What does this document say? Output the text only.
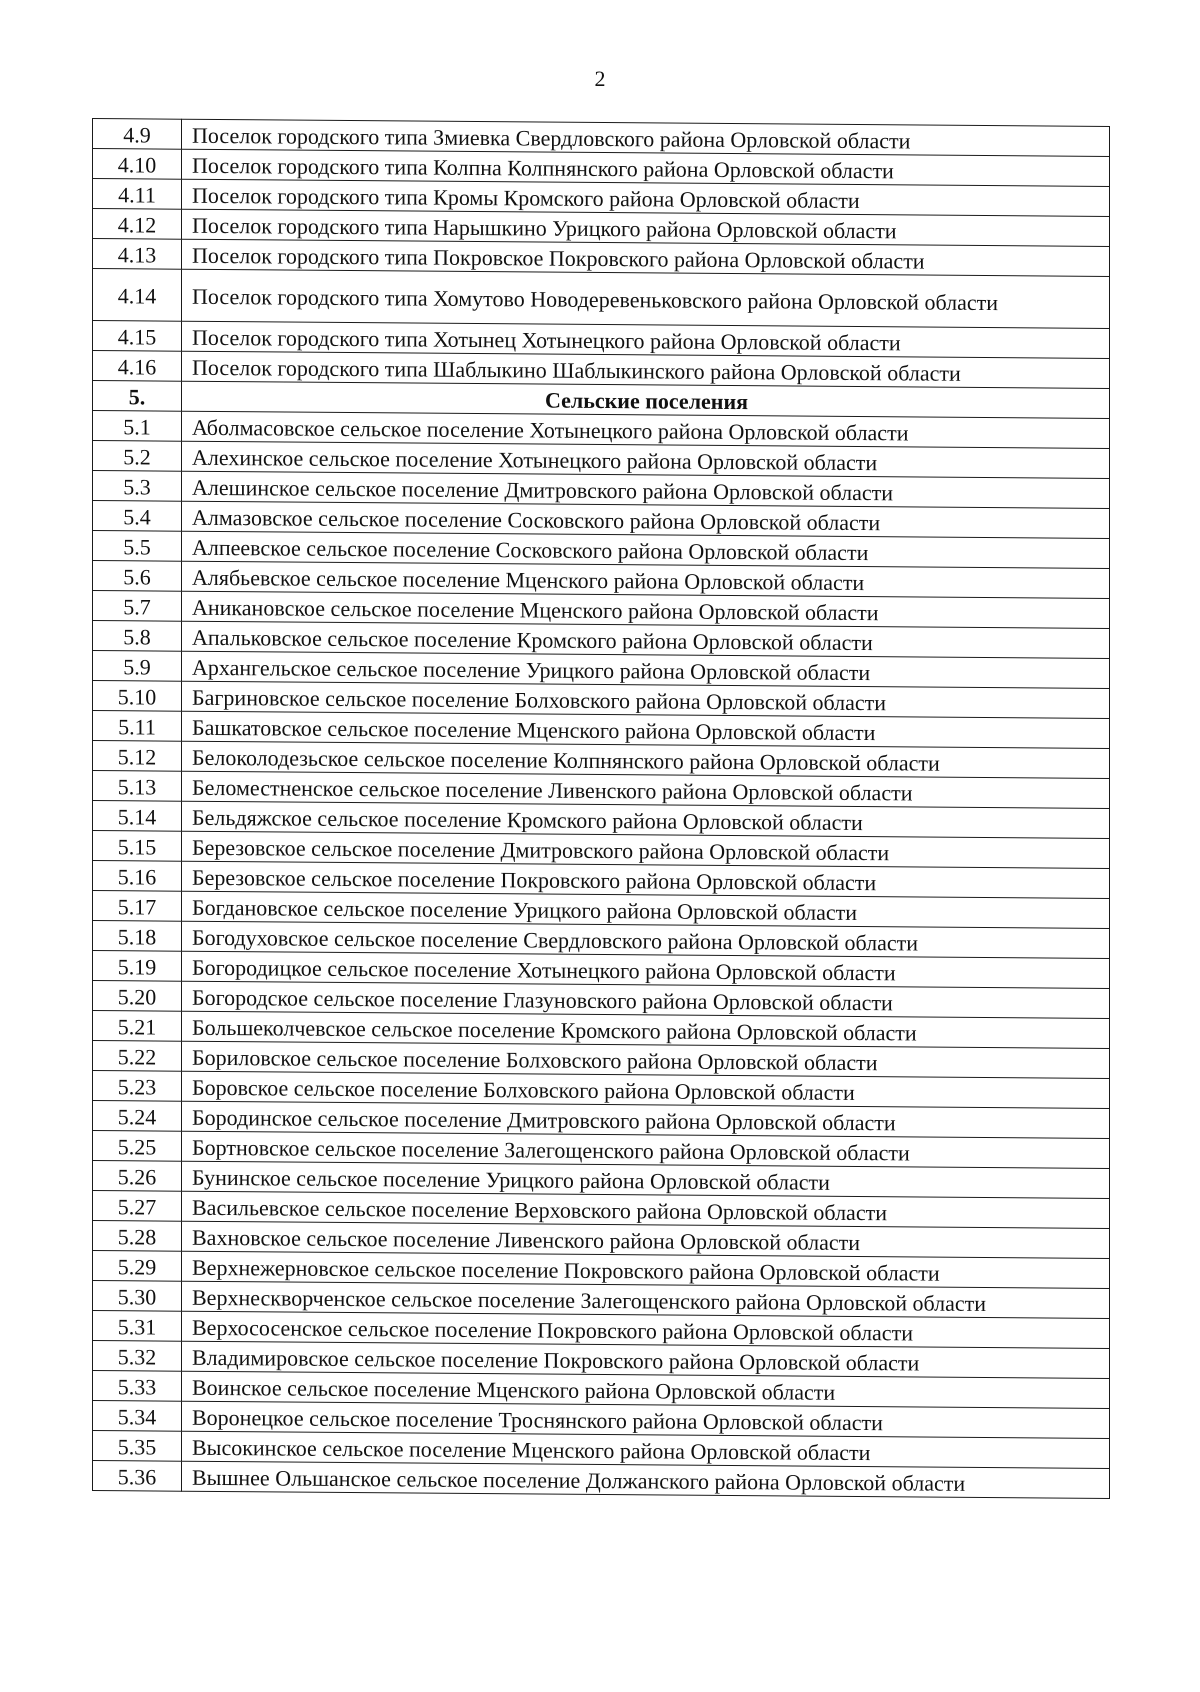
2
4.9	Поселок городского типа Змиевка Свердловского района Орловской области
4.10	Поселок городского типа Колпна Колпнянского района Орловской области
4.11	Поселок городского типа Кромы Кромского района Орловской области
4.12	Поселок городского типа Нарышкино Урицкого района Орловской области
4.13	Поселок городского типа Покровское Покровского района Орловской области
4.14	Поселок городского типа Хомутово Новодеревеньковского района Орловской области
4.15	Поселок городского типа Хотынец Хотынецкого района Орловской области
4.16	Поселок городского типа Шаблыкино Шаблыкинского района Орловской области
5.	Сельские поселения
5.1	Аболмасовское сельское поселение Хотынецкого района Орловской области
5.2	Алехинское сельское поселение Хотынецкого района Орловской области
5.3	Алешинское сельское поселение Дмитровского района Орловской области
5.4	Алмазовское сельское поселение Сосковского района Орловской области
5.5	Алпеевское сельское поселение Сосковского района Орловской области
5.6	Алябьевское сельское поселение Мценского района Орловской области
5.7	Аникановское сельское поселение Мценского района Орловской области
5.8	Апальковское сельское поселение Кромского района Орловской области
5.9	Архангельское сельское поселение Урицкого района Орловской области
5.10	Багриновское сельское поселение Болховского района Орловской области
5.11	Башкатовское сельское поселение Мценского района Орловской области
5.12	Белоколодезьское сельское поселение Колпнянского района Орловской области
5.13	Беломестненское сельское поселение Ливенского района Орловской области
5.14	Бельдяжское сельское поселение Кромского района Орловской области
5.15	Березовское сельское поселение Дмитровского района Орловской области
5.16	Березовское сельское поселение Покровского района Орловской области
5.17	Богдановское сельское поселение Урицкого района Орловской области
5.18	Богодуховское сельское поселение Свердловского района Орловской области
5.19	Богородицкое сельское поселение Хотынецкого района Орловской области
5.20	Богородское сельское поселение Глазуновского района Орловской области
5.21	Большеколчевское сельское поселение Кромского района Орловской области
5.22	Бориловское сельское поселение Болховского района Орловской области
5.23	Боровское сельское поселение Болховского района Орловской области
5.24	Бородинское сельское поселение Дмитровского района Орловской области
5.25	Бортновское сельское поселение Залегощенского района Орловской области
5.26	Бунинское сельское поселение Урицкого района Орловской области
5.27	Васильевское сельское поселение Верховского района Орловской области
5.28	Вахновское сельское поселение Ливенского района Орловской области
5.29	Верхнежерновское сельское поселение Покровского района Орловской области
5.30	Верхнескворченское сельское поселение Залегощенского района Орловской области
5.31	Верхососенское сельское поселение Покровского района Орловской области
5.32	Владимировское сельское поселение Покровского района Орловской области
5.33	Воинское сельское поселение Мценского района Орловской области
5.34	Воронецкое сельское поселение Троснянского района Орловской области
5.35	Высокинское сельское поселение Мценского района Орловской области
5.36	Вышнее Ольшанское сельское поселение Должанского района Орловской области
